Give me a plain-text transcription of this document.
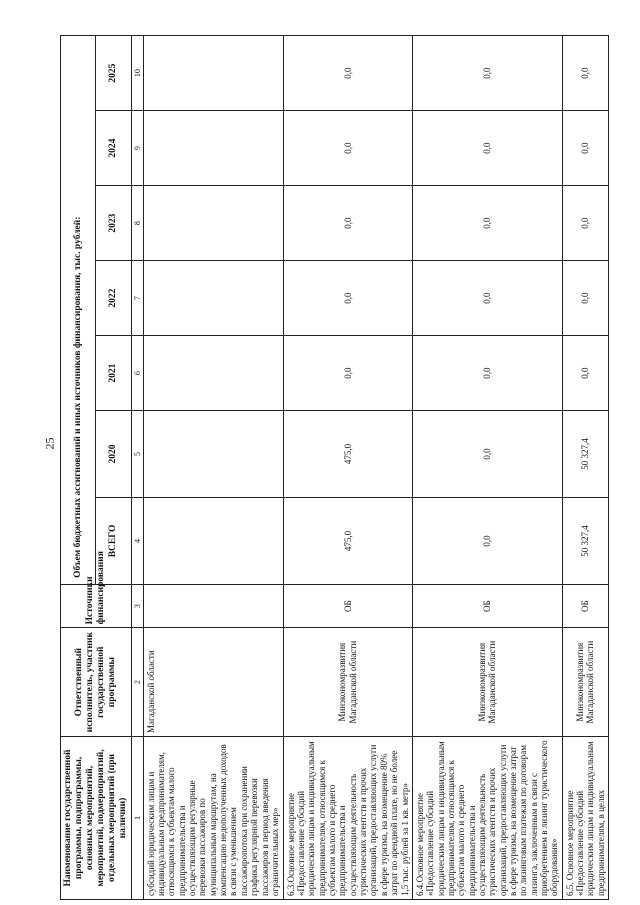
25
Наименование государственной программы, подпрограммы, основных мероприятий, мероприятий, подмероприятий, отдельных мероприятий (при наличии)	Ответственный исполнитель, участник государственной программы	Источники финансирования	Объем бюджетных ассигнований и иных источников финансирования, тыс. рублей:						
			ВСЕГО	2020	2021	2022	2023	2024	2025
1	2	3	4	5	6	7	8	9	10
субсидий юридическим лицам и индивидуальным предпринимателям, относящимся к субъектам малого предпринимательства и осуществляющим регулярные перевозки пассажиров по муниципальным маршрутам, на компенсацию недополученных доходов в связи с уменьшением пассажиропотока при сохранении графика регулярной перевозки пассажиров в период введения ограничительных мер»	Магаданской области								
6.3.Основное мероприятие «Предоставление субсидий юридическим лицам и индивидуальным предпринимателям, относящимся к субъектам малого и среднего предпринимательства и осуществляющим деятельность туристических агентств и прочих организаций, предоставляющих услуги в сфере туризма, на возмещение 80% затрат по арендной плате, но не более 1,5 тыс. рублей за 1 кв. метр»	Минэкономразвития Магаданской области	ОБ	475,0	475,0	0,0	0,0	0,0	0,0	0,0
6.4.Основное мероприятие «Предоставление субсидий юридическим лицам и индивидуальным предпринимателям, относящимся к субъектам малого и среднего предпринимательства и осуществляющим деятельность туристических агентств и прочих организаций, предоставляющих услуги в сфере туризма, на возмещение затрат по лизинговым платежам по договорам лизинга, заключенным в связи с приобретением в лизинг туристического оборудования»	Минэкономразвития Магаданской области	ОБ	0,0	0,0	0,0	0,0	0,0	0,0	0,0
6.5. Основное мероприятие «Предоставление субсидий юридическим лицам и индивидуальным предпринимателям, в целях	Минэкономразвития Магаданской области	ОБ	50 327,4	50 327,4	0,0	0,0	0,0	0,0	0,0
